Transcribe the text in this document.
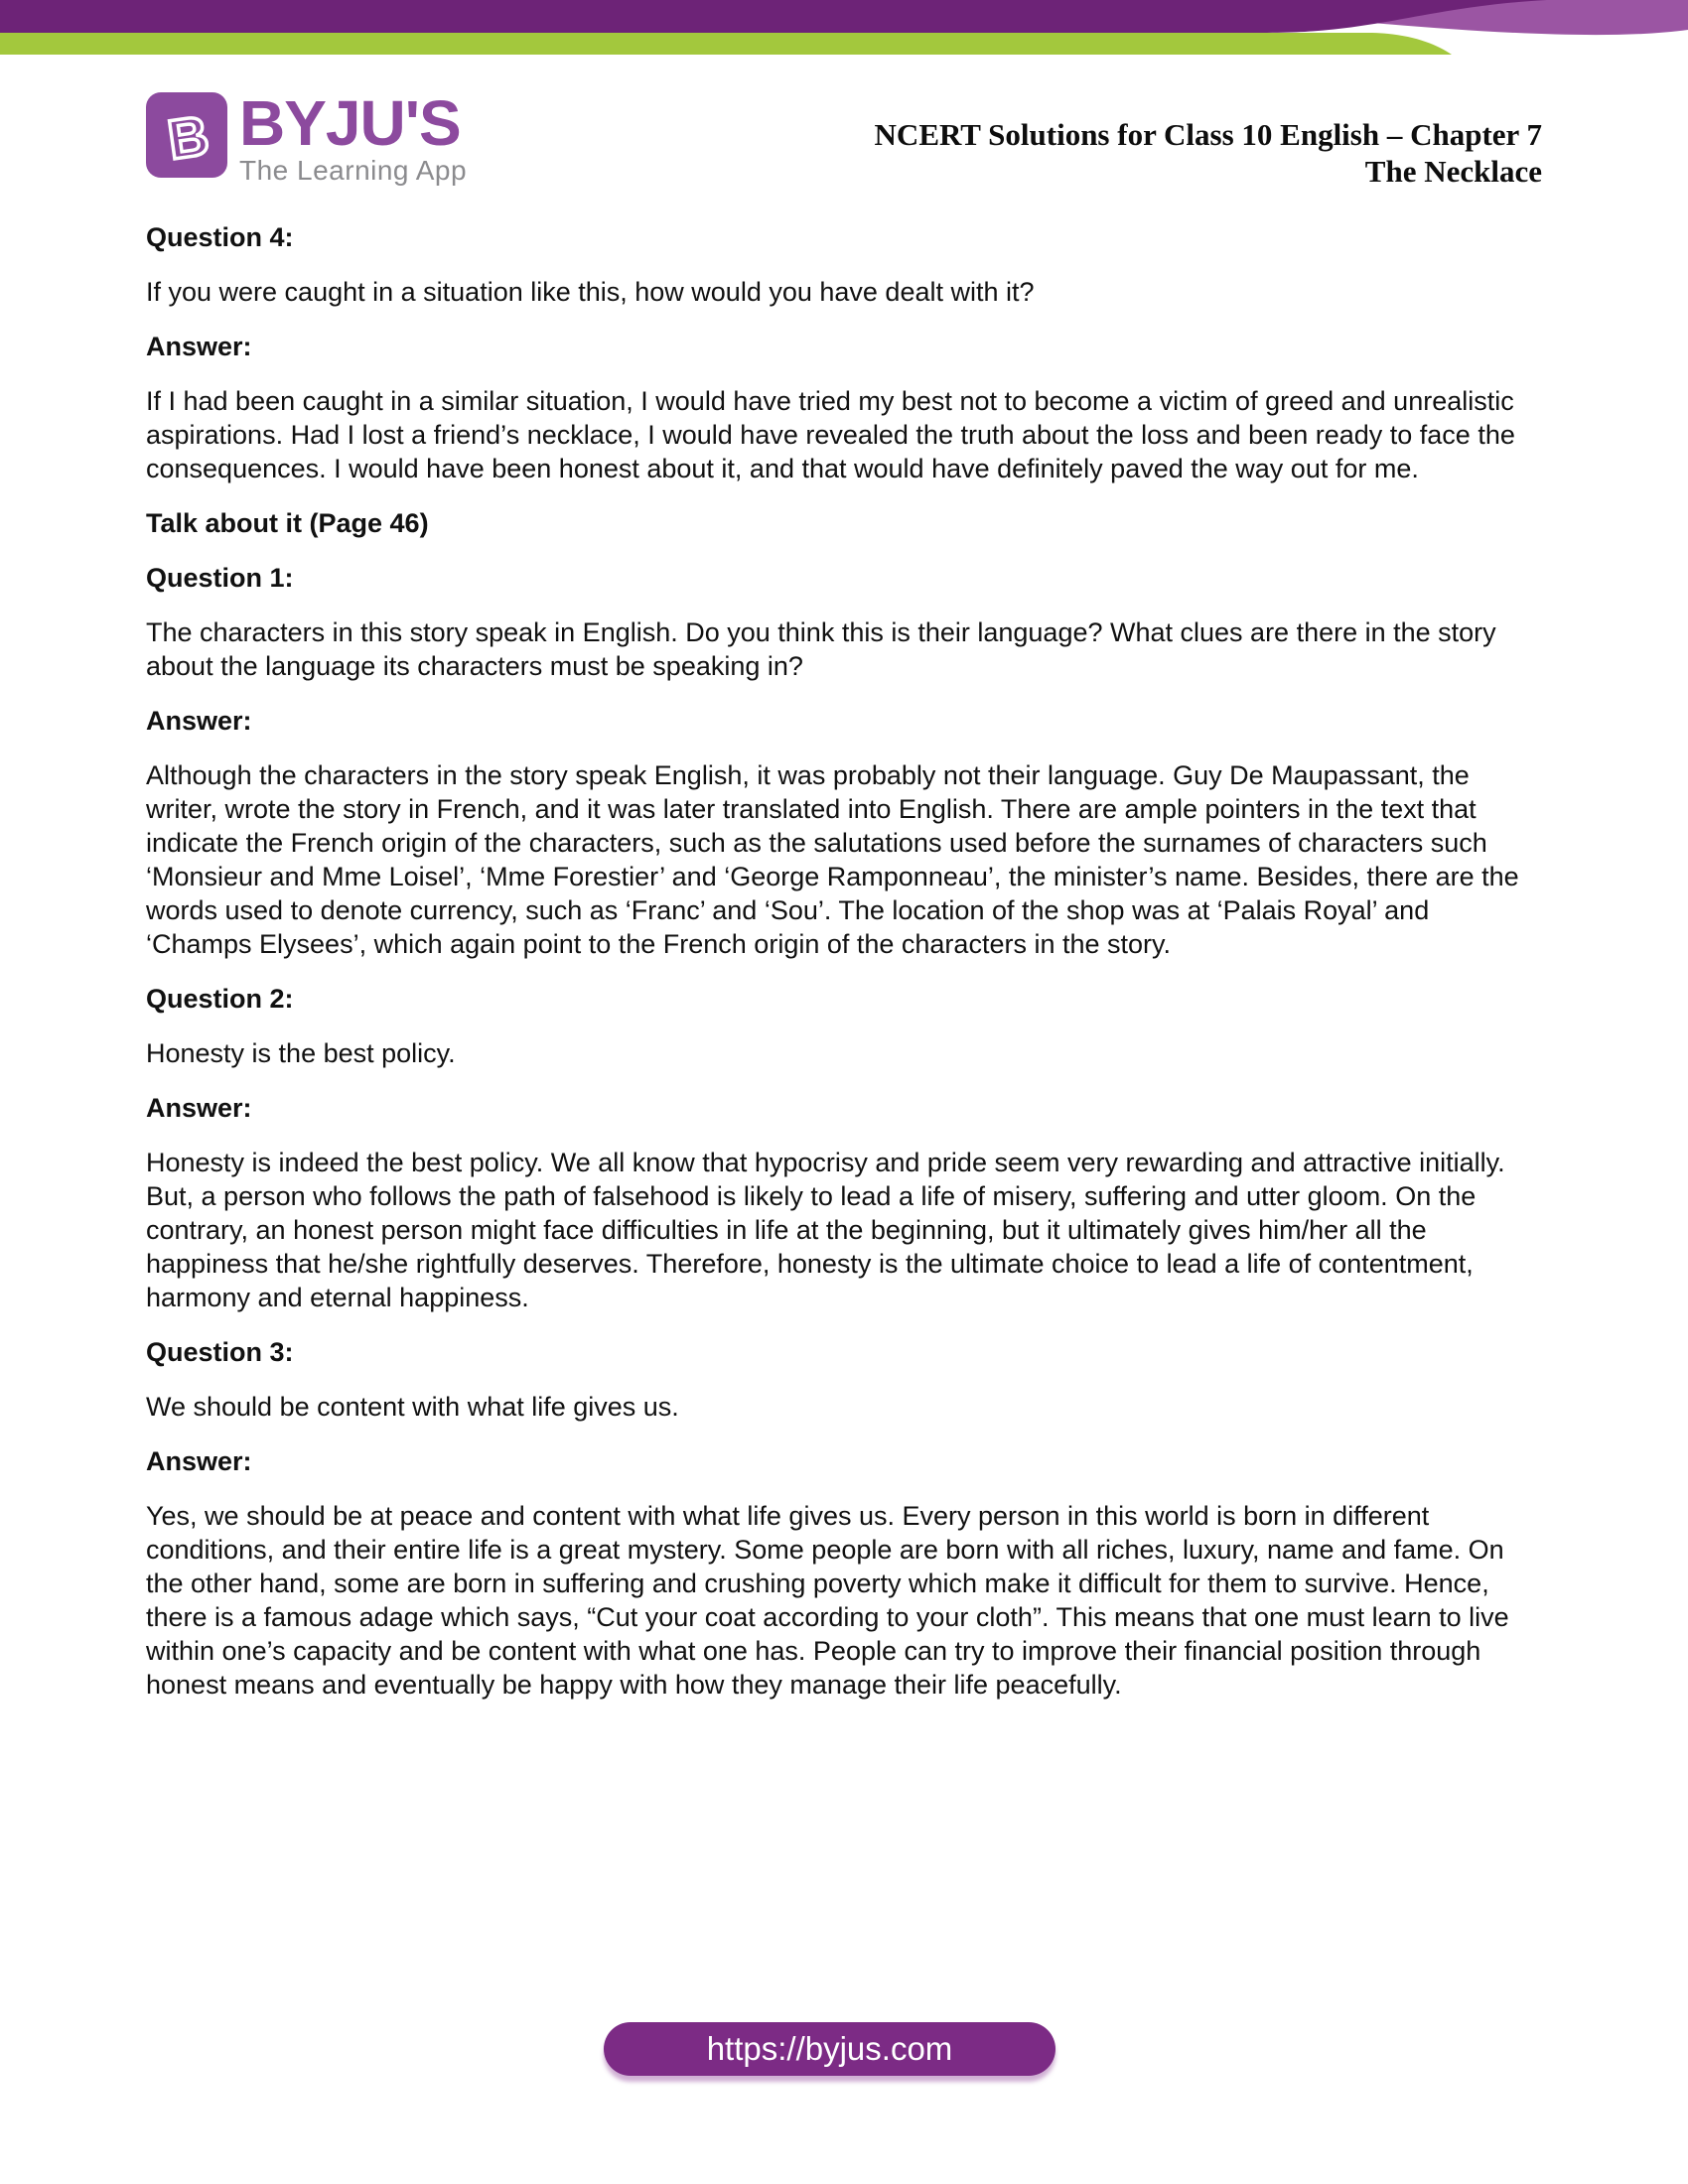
B BYJU'S
The Learning App
NCERT Solutions for Class 10 English – Chapter 7
The Necklace
Question 4:

If you were caught in a situation like this, how would you have dealt with it?

Answer:

If I had been caught in a similar situation, I would have tried my best not to become a victim of greed and unrealistic aspirations. Had I lost a friend’s necklace, I would have revealed the truth about the loss and been ready to face the consequences. I would have been honest about it, and that would have definitely paved the way out for me.

Talk about it (Page 46)
Question 1:

The characters in this story speak in English. Do you think this is their language? What clues are there in the story about the language its characters must be speaking in?

Answer:

Although the characters in the story speak English, it was probably not their language. Guy De Maupassant, the writer, wrote the story in French, and it was later translated into English. There are ample pointers in the text that indicate the French origin of the characters, such as the salutations used before the surnames of characters such ‘Monsieur and Mme Loisel’, ‘Mme Forestier’ and ‘George Ramponneau’, the minister’s name. Besides, there are the words used to denote currency, such as ‘Franc’ and ‘Sou’. The location of the shop was at ‘Palais Royal’ and ‘Champs Elysees’, which again point to the French origin of the characters in the story.

Question 2:

Honesty is the best policy.

Answer:

Honesty is indeed the best policy. We all know that hypocrisy and pride seem very rewarding and attractive initially. But, a person who follows the path of falsehood is likely to lead a life of misery, suffering and utter gloom. On the contrary, an honest person might face difficulties in life at the beginning, but it ultimately gives him/her all the happiness that he/she rightfully deserves. Therefore, honesty is the ultimate choice to lead a life of contentment, harmony and eternal happiness.

Question 3:

We should be content with what life gives us.

Answer:

Yes, we should be at peace and content with what life gives us. Every person in this world is born in different conditions, and their entire life is a great mystery. Some people are born with all riches, luxury, name and fame. On the other hand, some are born in suffering and crushing poverty which make it difficult for them to survive. Hence, there is a famous adage which says, “Cut your coat according to your cloth”. This means that one must learn to live within one’s capacity and be content with what one has. People can try to improve their financial position through honest means and eventually be happy with how they manage their life peacefully.

https://byjus.com
